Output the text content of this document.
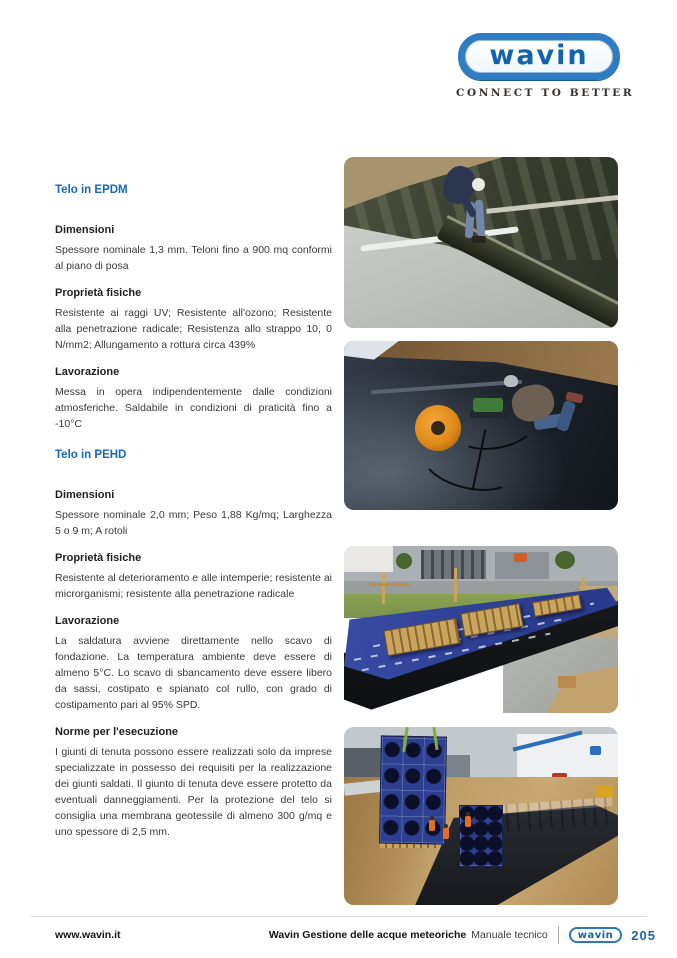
wavin
CONNECT TO BETTER
Telo in EPDM
Dimensioni

Spessore nominale 1,3 mm. Teloni fino a 900 mq conformi al piano di posa

Proprietà fisiche

Resistente ai raggi UV; Resistente all'ozono; Resistente alla penetrazione radicale; Resistenza allo strappo 10, 0 N/mm2; Allungamento a rottura circa 439%

Lavorazione

Messa in opera indipendentemente dalle condizioni atmosferiche. Saldabile in condizioni di praticità fino a -10°C

Telo in PEHD
Dimensioni

Spessore nominale 2,0 mm; Peso 1,88 Kg/mq; Larghezza 5 o 9 m; A rotoli

Proprietà fisiche

Resistente al deterioramento e alle intemperie; resistente ai microrganismi; resistente alla penetrazione radicale

Lavorazione

La saldatura avviene direttamente nello scavo di fondazione. La temperatura ambiente deve essere di almeno 5°C. Lo scavo di sbancamento deve essere libero da sassi, costipato e spianato col rullo, con grado di costipamento pari al 95% SPD.

Norme per l'esecuzione

I giunti di tenuta possono essere realizzati solo da imprese specializzate in possesso dei requisiti per la realizzazione dei giunti saldati. Il giunto di tenuta deve essere protetto da eventuali danneggiamenti. Per la protezione del telo si consiglia una membrana geotessile di almeno 300 g/mq e uno spessore di 2,5 mm.

www.wavin.it	Wavin Gestione delle acque meteoriche Manuale tecnico	wavin 205
